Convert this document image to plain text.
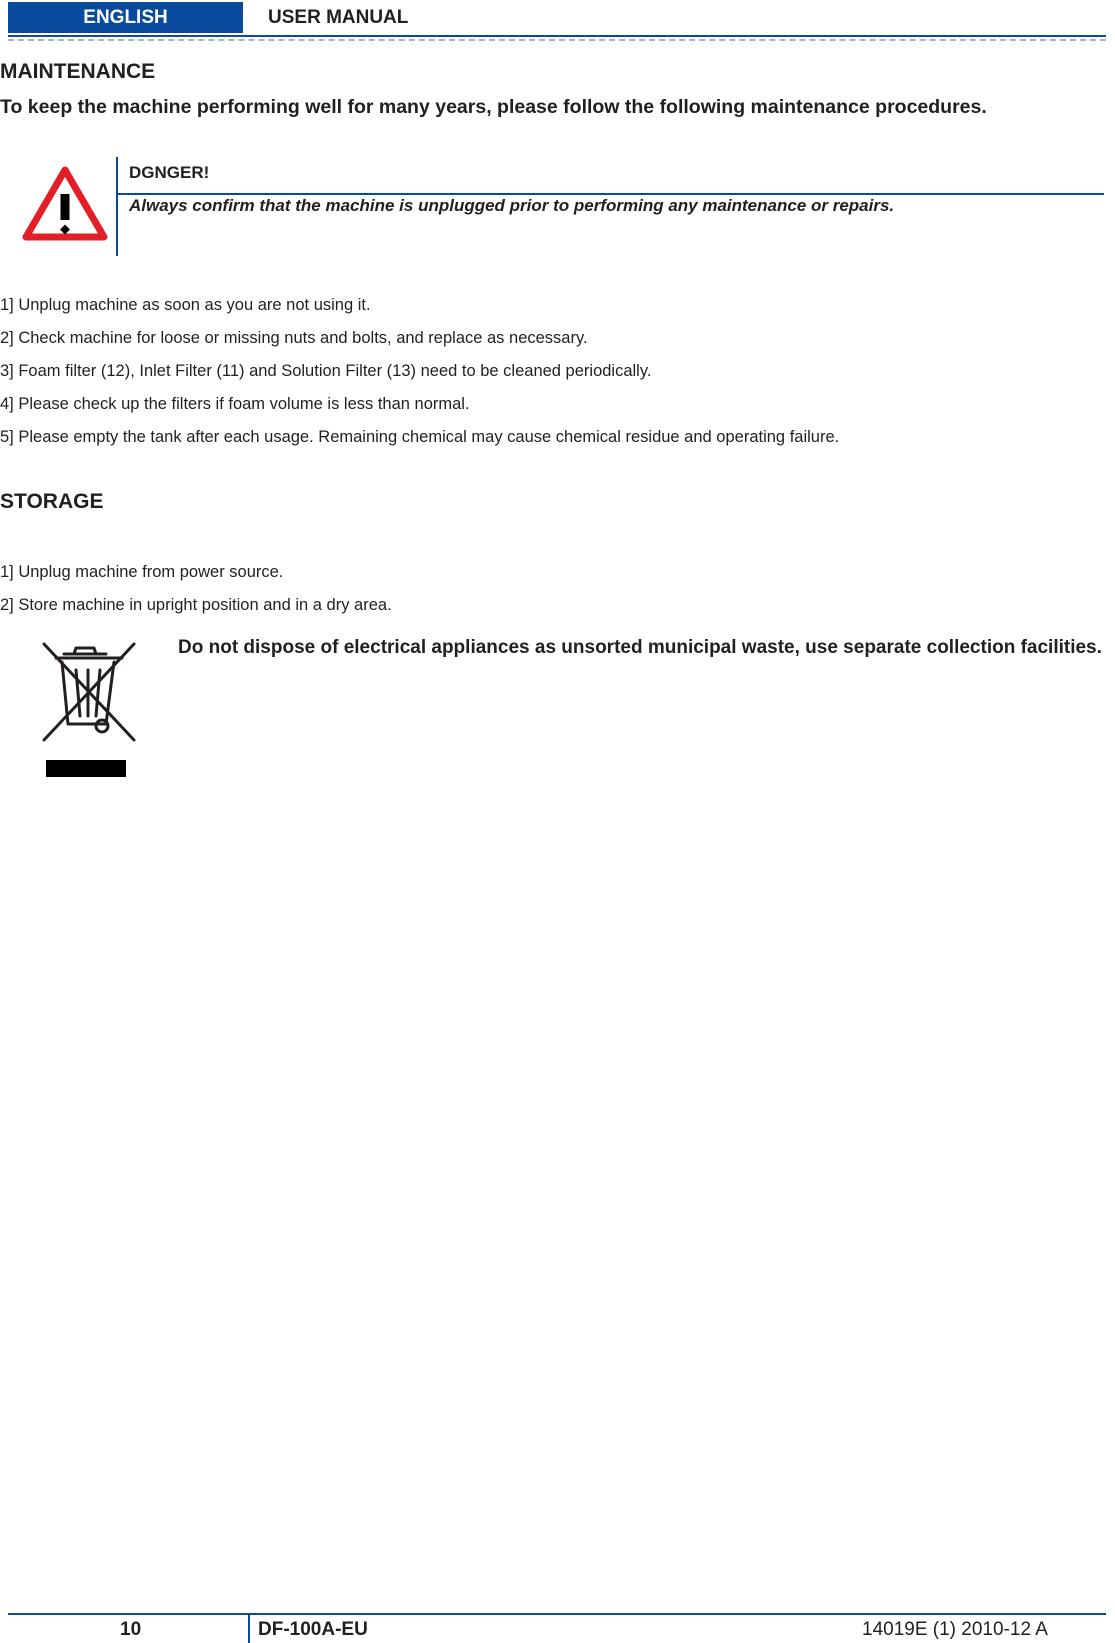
ENGLISH	USER MANUAL
MAINTENANCE
To keep the machine performing well for many years, please follow the following maintenance procedures.
DGNGER!
Always confirm that the machine is unplugged prior to performing any maintenance or repairs.
1] Unplug machine as soon as you are not using it.
2] Check machine for loose or missing nuts and bolts, and replace as necessary.
3] Foam filter (12), Inlet Filter (11) and Solution Filter (13) need to be cleaned periodically.
4] Please check up the filters if foam volume is less than normal.
5] Please empty the tank after each usage. Remaining chemical may cause chemical residue and operating failure.
STORAGE
1] Unplug machine from power source.
2] Store machine in upright position and in a dry area.
Do not dispose of electrical appliances as unsorted municipal waste, use separate collection facilities.
10	DF-100A-EU	14019E (1) 2010-12 A
